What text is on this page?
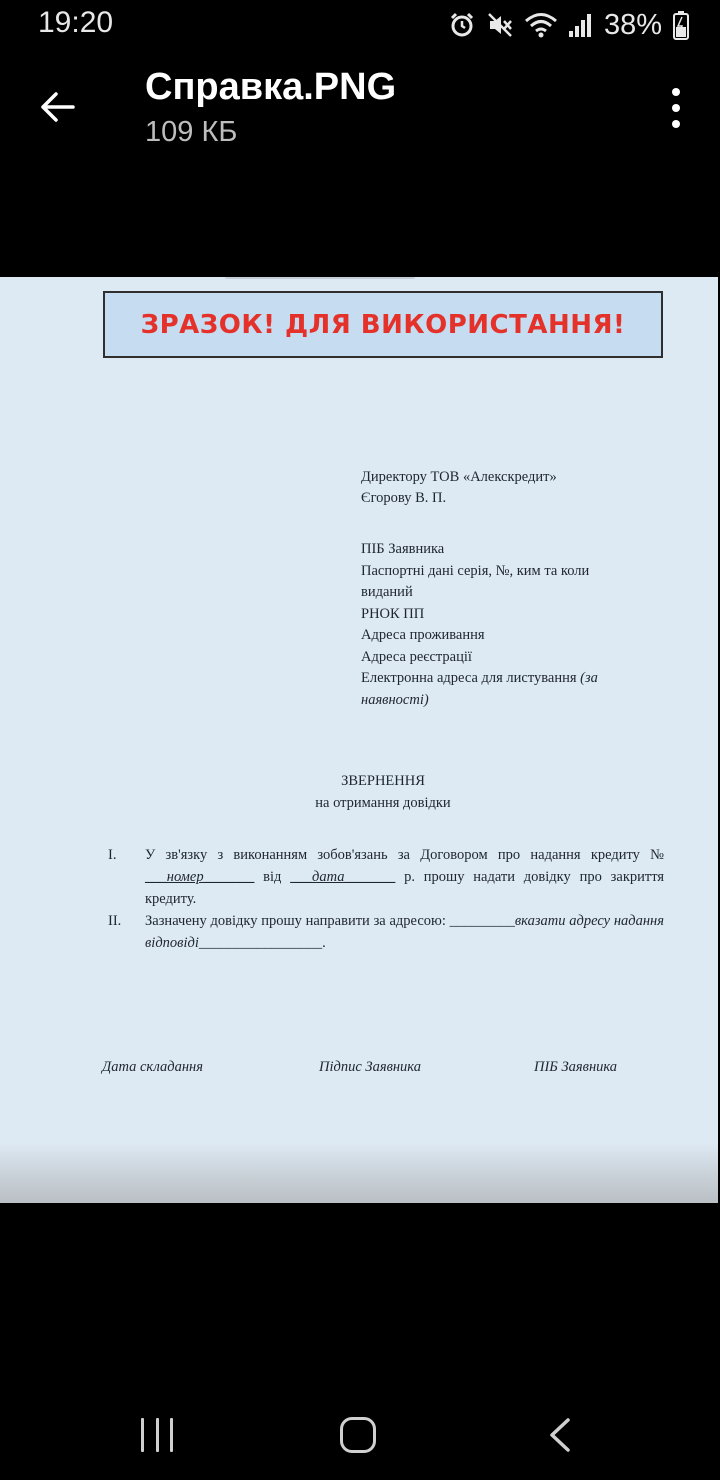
19:20	38%
Справка.PNG
109 КБ
ЗРАЗОК! ДЛЯ ВИКОРИСТАННЯ!
Директору ТОВ «Алекскредит»
Єгорову В. П.
ПІБ Заявника
Паспортні дані серія, №, ким та коли
виданий
РНОК ПП
Адреса проживання
Адреса реєстрації
Електронна адреса для листування (за
наявності)
ЗВЕРНЕННЯ
на отримання довідки
I.	У зв'язку з виконанням зобов'язань за Договором про надання кредиту № ___номер_______ від ___дата_______ р. прошу надати довідку про закриття кредиту.
II.	Зазначену довідку прошу направити за адресою: _________вказати адресу надання відповіді_________________.
Дата складання	Підпис Заявника	ПІБ Заявника
